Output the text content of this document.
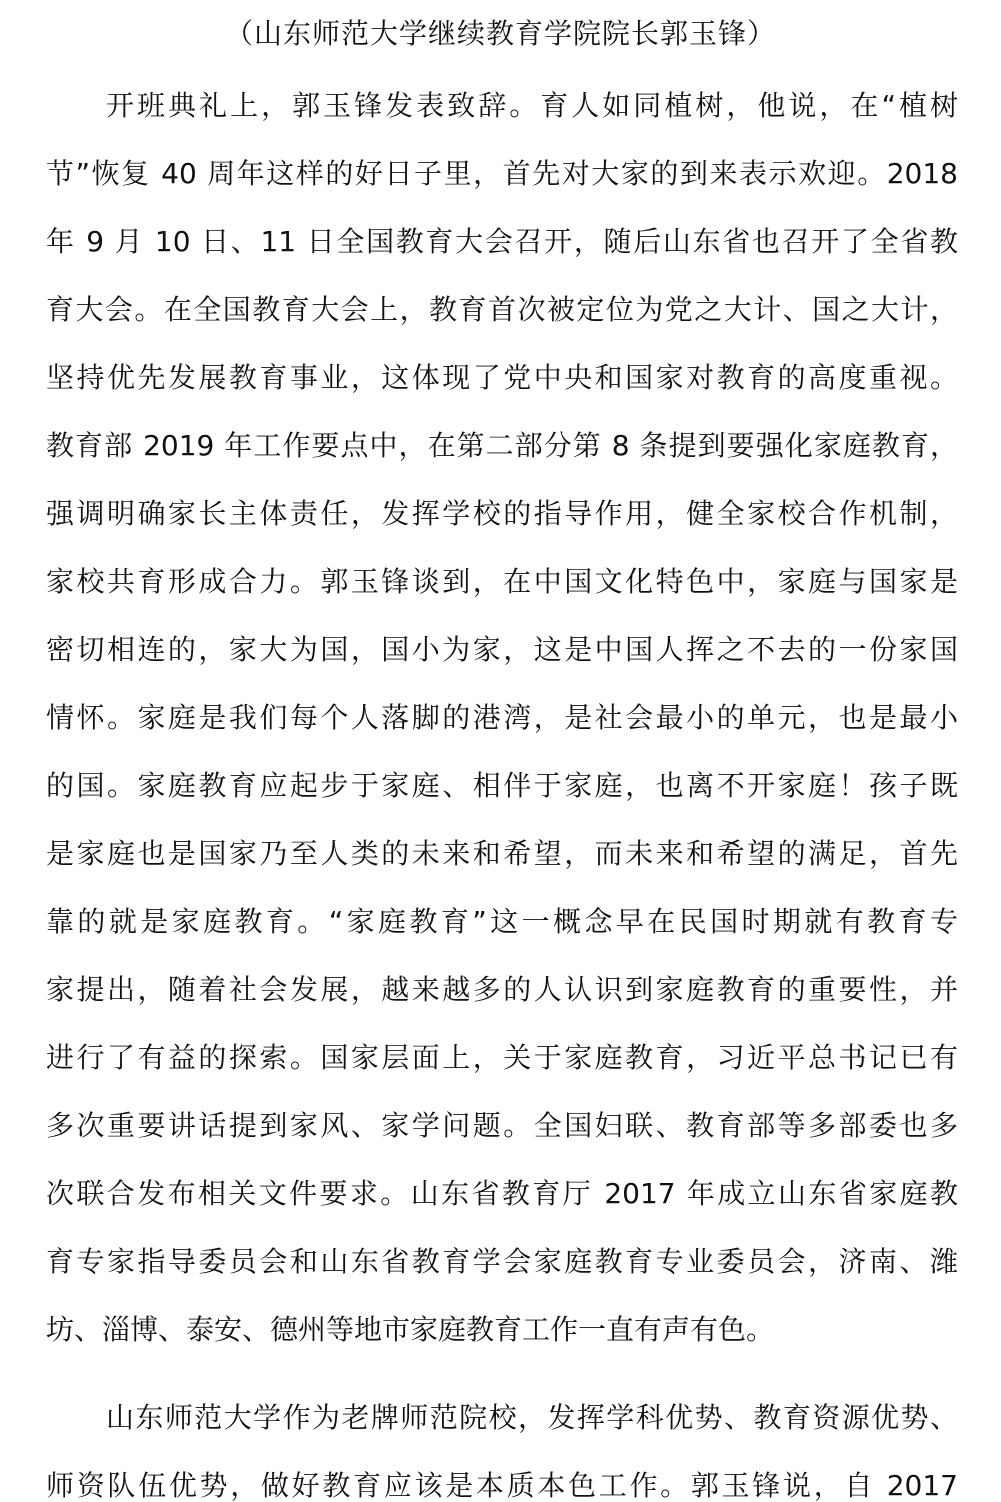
（山东师范大学继续教育学院院长郭玉锋）
开班典礼上，郭玉锋发表致辞。育人如同植树，他说，在“植树
节”恢复 40 周年这样的好日子里，首先对大家的到来表示欢迎。2018
年 9 月 10 日、11 日全国教育大会召开，随后山东省也召开了全省教
育大会。在全国教育大会上，教育首次被定位为党之大计、国之大计，
坚持优先发展教育事业，这体现了党中央和国家对教育的高度重视。
教育部 2019 年工作要点中，在第二部分第 8 条提到要强化家庭教育，
强调明确家长主体责任，发挥学校的指导作用，健全家校合作机制，
家校共育形成合力。郭玉锋谈到，在中国文化特色中，家庭与国家是
密切相连的，家大为国，国小为家，这是中国人挥之不去的一份家国
情怀。家庭是我们每个人落脚的港湾，是社会最小的单元，也是最小
的国。家庭教育应起步于家庭、相伴于家庭，也离不开家庭！孩子既
是家庭也是国家乃至人类的未来和希望，而未来和希望的满足，首先
靠的就是家庭教育。“家庭教育”这一概念早在民国时期就有教育专
家提出，随着社会发展，越来越多的人认识到家庭教育的重要性，并
进行了有益的探索。国家层面上，关于家庭教育，习近平总书记已有
多次重要讲话提到家风、家学问题。全国妇联、教育部等多部委也多
次联合发布相关文件要求。山东省教育厅 2017 年成立山东省家庭教
育专家指导委员会和山东省教育学会家庭教育专业委员会，济南、潍
坊、淄博、泰安、德州等地市家庭教育工作一直有声有色。
山东师范大学作为老牌师范院校，发挥学科优势、教育资源优势、
师资队伍优势，做好教育应该是本质本色工作。郭玉锋说，自 2017
